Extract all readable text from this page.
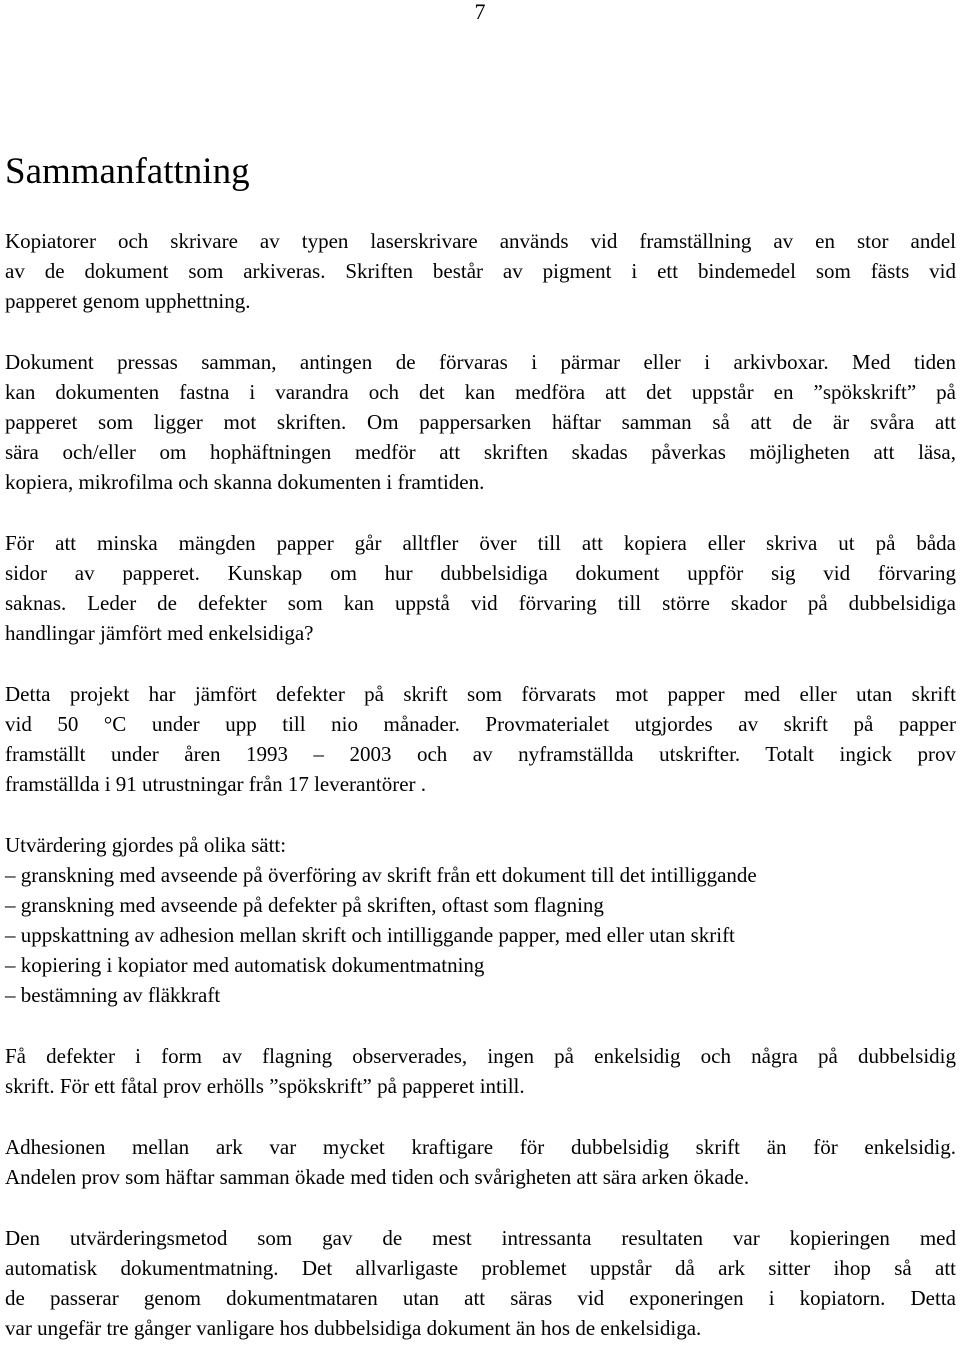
7
Sammanfattning
Kopiatorer och skrivare av typen laserskrivare används vid framställning av en stor andel
av de dokument som arkiveras. Skriften består av pigment i ett bindemedel som fästs vid
papperet genom upphettning.
Dokument pressas samman, antingen de förvaras i pärmar eller i arkivboxar. Med tiden
kan dokumenten fastna i varandra och det kan medföra att det uppstår en ”spökskrift” på
papperet som ligger mot skriften. Om pappersarken häftar samman så att de är svåra att
sära och/eller om hophäftningen medför att skriften skadas påverkas möjligheten att läsa,
kopiera, mikrofilma och skanna dokumenten i framtiden.
För att minska mängden papper går alltfler över till att kopiera eller skriva ut på båda
sidor av papperet. Kunskap om hur dubbelsidiga dokument uppför sig vid förvaring
saknas. Leder de defekter som kan uppstå vid förvaring till större skador på dubbelsidiga
handlingar jämfört med enkelsidiga?
Detta projekt har jämfört defekter på skrift som förvarats mot papper med eller utan skrift
vid 50 °C under upp till nio månader. Provmaterialet utgjordes av skrift på papper
framställt under åren 1993 – 2003 och av nyframställda utskrifter. Totalt ingick prov
framställda i 91 utrustningar från 17 leverantörer .
Utvärdering gjordes på olika sätt:
– granskning med avseende på överföring av skrift från ett dokument till det intilliggande
– granskning med avseende på defekter på skriften, oftast som flagning
– uppskattning av adhesion mellan skrift och intilliggande papper, med eller utan skrift
– kopiering i kopiator med automatisk dokumentmatning
– bestämning av fläkkraft
Få defekter i form av flagning observerades, ingen på enkelsidig och några på dubbelsidig
skrift. För ett fåtal prov erhölls ”spökskrift” på papperet intill.
Adhesionen mellan ark var mycket kraftigare för dubbelsidig skrift än för enkelsidig.
Andelen prov som häftar samman ökade med tiden och svårigheten att sära arken ökade.
Den utvärderingsmetod som gav de mest intressanta resultaten var kopieringen med
automatisk dokumentmatning. Det allvarligaste problemet uppstår då ark sitter ihop så att
de passerar genom dokumentmataren utan att säras vid exponeringen i kopiatorn. Detta
var ungefär tre gånger vanligare hos dubbelsidiga dokument än hos de enkelsidiga.
